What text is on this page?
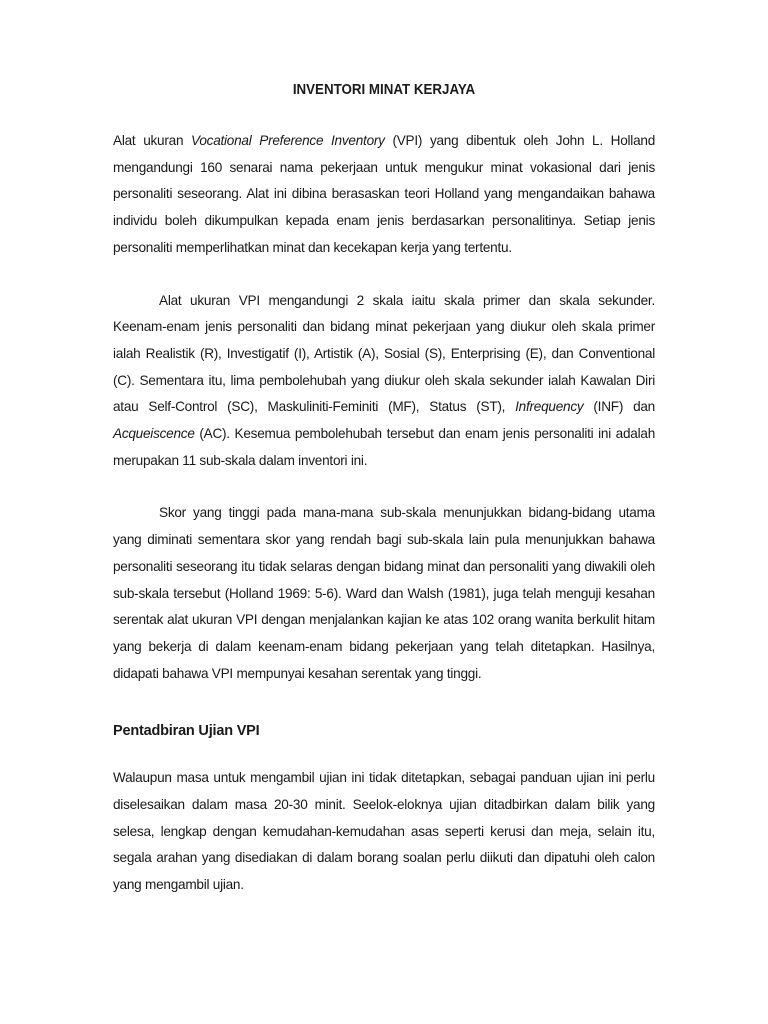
INVENTORI MINAT KERJAYA

Alat ukuran Vocational Preference Inventory (VPI) yang dibentuk oleh John L. Holland mengandungi 160 senarai nama pekerjaan untuk mengukur minat vokasional dari jenis personaliti seseorang. Alat ini dibina berasaskan teori Holland yang mengandaikan bahawa individu boleh dikumpulkan kepada enam jenis berdasarkan personalitinya. Setiap jenis personaliti memperlihatkan minat dan kecekapan kerja yang tertentu.

Alat ukuran VPI mengandungi 2 skala iaitu skala primer dan skala sekunder. Keenam-enam jenis personaliti dan bidang minat pekerjaan yang diukur oleh skala primer ialah Realistik (R), Investigatif (I), Artistik (A), Sosial (S), Enterprising (E), dan Conventional (C). Sementara itu, lima pembolehubah yang diukur oleh skala sekunder ialah Kawalan Diri atau Self-Control (SC), Maskuliniti-Feminiti (MF), Status (ST), Infrequency (INF) dan Acqueiscence (AC). Kesemua pembolehubah tersebut dan enam jenis personaliti ini adalah merupakan 11 sub-skala dalam inventori ini.

Skor yang tinggi pada mana-mana sub-skala menunjukkan bidang-bidang utama yang diminati sementara skor yang rendah bagi sub-skala lain pula menunjukkan bahawa personaliti seseorang itu tidak selaras dengan bidang minat dan personaliti yang diwakili oleh sub-skala tersebut (Holland 1969: 5-6). Ward dan Walsh (1981), juga telah menguji kesahan serentak alat ukuran VPI dengan menjalankan kajian ke atas 102 orang wanita berkulit hitam yang bekerja di dalam keenam-enam bidang pekerjaan yang telah ditetapkan. Hasilnya, didapati bahawa VPI mempunyai kesahan serentak yang tinggi.

Pentadbiran Ujian VPI

Walaupun masa untuk mengambil ujian ini tidak ditetapkan, sebagai panduan ujian ini perlu diselesaikan dalam masa 20-30 minit. Seelok-eloknya ujian ditadbirkan dalam bilik yang selesa, lengkap dengan kemudahan-kemudahan asas seperti kerusi dan meja, selain itu, segala arahan yang disediakan di dalam borang soalan perlu diikuti dan dipatuhi oleh calon yang mengambil ujian.
